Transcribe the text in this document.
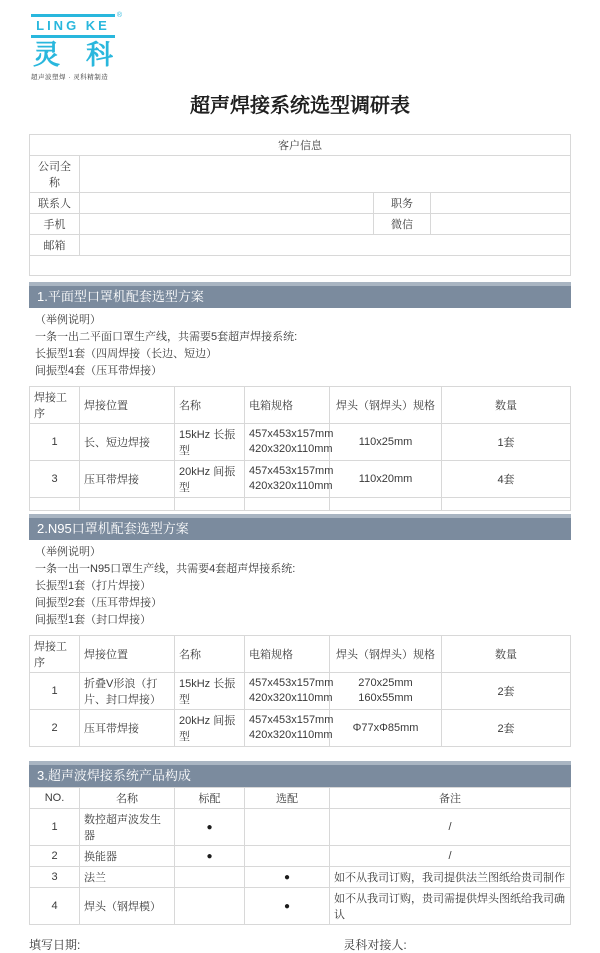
LING KE
®
灵 科
超声波塑焊 · 灵科精制造
超声焊接系统选型调研表
客户信息			
公司全称			
联系人		职务	
手机		微信	
邮箱			

1.平面型口罩机配套选型方案
（举例说明）
一条一出二平面口罩生产线，共需要5套超声焊接系统:
长振型1套（四周焊接（长边、短边）
间振型4套（压耳带焊接）
焊接工序	焊接位置	名称	电箱规格	焊头（钢焊头）规格	数量
1	长、短边焊接	15kHz 长振型	457x453x157mm
420x320x110mm	110x25mm	1套
3	压耳带焊接	20kHz 间振型	457x453x157mm
420x320x110mm	110x20mm	4套

2.N95口罩机配套选型方案
（举例说明）
一条一出一N95口罩生产线，共需要4套超声焊接系统:
长振型1套（打片焊接）
间振型2套（压耳带焊接）
间振型1套（封口焊接）
焊接工序	焊接位置	名称	电箱规格	焊头（钢焊头）规格	数量
1	折叠V形浪（打片、封口焊接）	15kHz 长振型	457x453x157mm
420x320x110mm	270x25mm
160x55mm	2套
2	压耳带焊接	20kHz 间振型	457x453x157mm
420x320x110mm	Φ77xΦ85mm	2套
3.超声波焊接系统产品构成
NO.	名称	标配	选配	备注
1	数控超声波发生器	●		/
2	换能器	●		/
3	法兰		●	如不从我司订购，我司提供法兰图纸给贵司制作
4	焊头（钢焊模）		●	如不从我司订购，贵司需提供焊头图纸给我司确认
填写日期:	灵科对接人:
